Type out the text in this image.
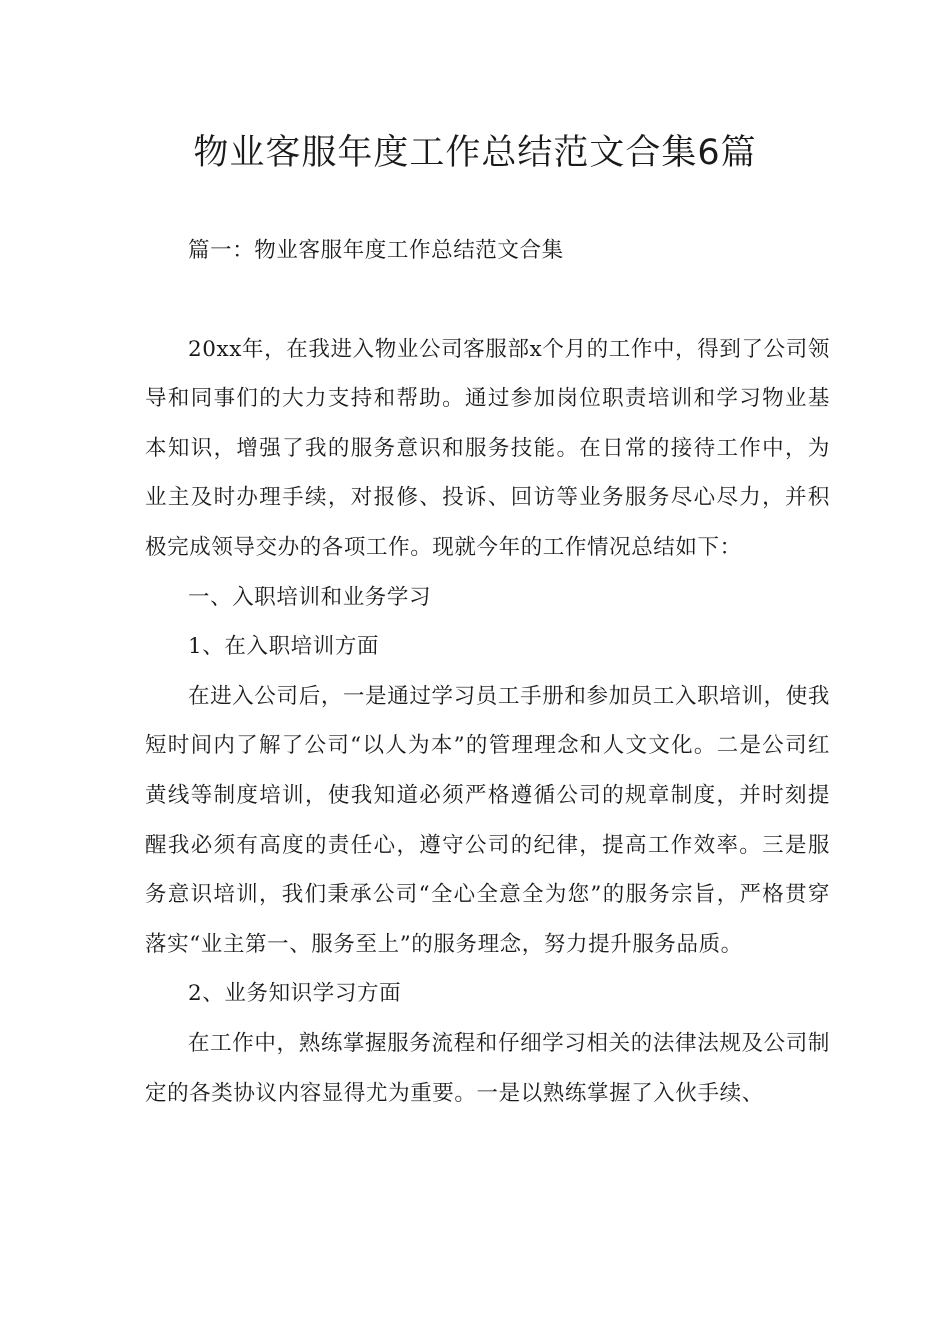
物业客服年度工作总结范文合集6篇

篇一：物业客服年度工作总结范文合集

20xx年，在我进入物业公司客服部x个月的工作中，得到了公司领导和同事们的大力支持和帮助。通过参加岗位职责培训和学习物业基本知识，增强了我的服务意识和服务技能。在日常的接待工作中，为业主及时办理手续，对报修、投诉、回访等业务服务尽心尽力，并积极完成领导交办的各项工作。现就今年的工作情况总结如下：

一、入职培训和业务学习

1、在入职培训方面

在进入公司后，一是通过学习员工手册和参加员工入职培训，使我短时间内了解了公司“以人为本”的管理理念和人文文化。二是公司红黄线等制度培训，使我知道必须严格遵循公司的规章制度，并时刻提醒我必须有高度的责任心，遵守公司的纪律，提高工作效率。三是服务意识培训，我们秉承公司“全心全意全为您”的服务宗旨，严格贯穿落实“业主第一、服务至上”的服务理念，努力提升服务品质。

2、业务知识学习方面

在工作中，熟练掌握服务流程和仔细学习相关的法律法规及公司制定的各类协议内容显得尤为重要。一是以熟练掌握了入伙手续、
